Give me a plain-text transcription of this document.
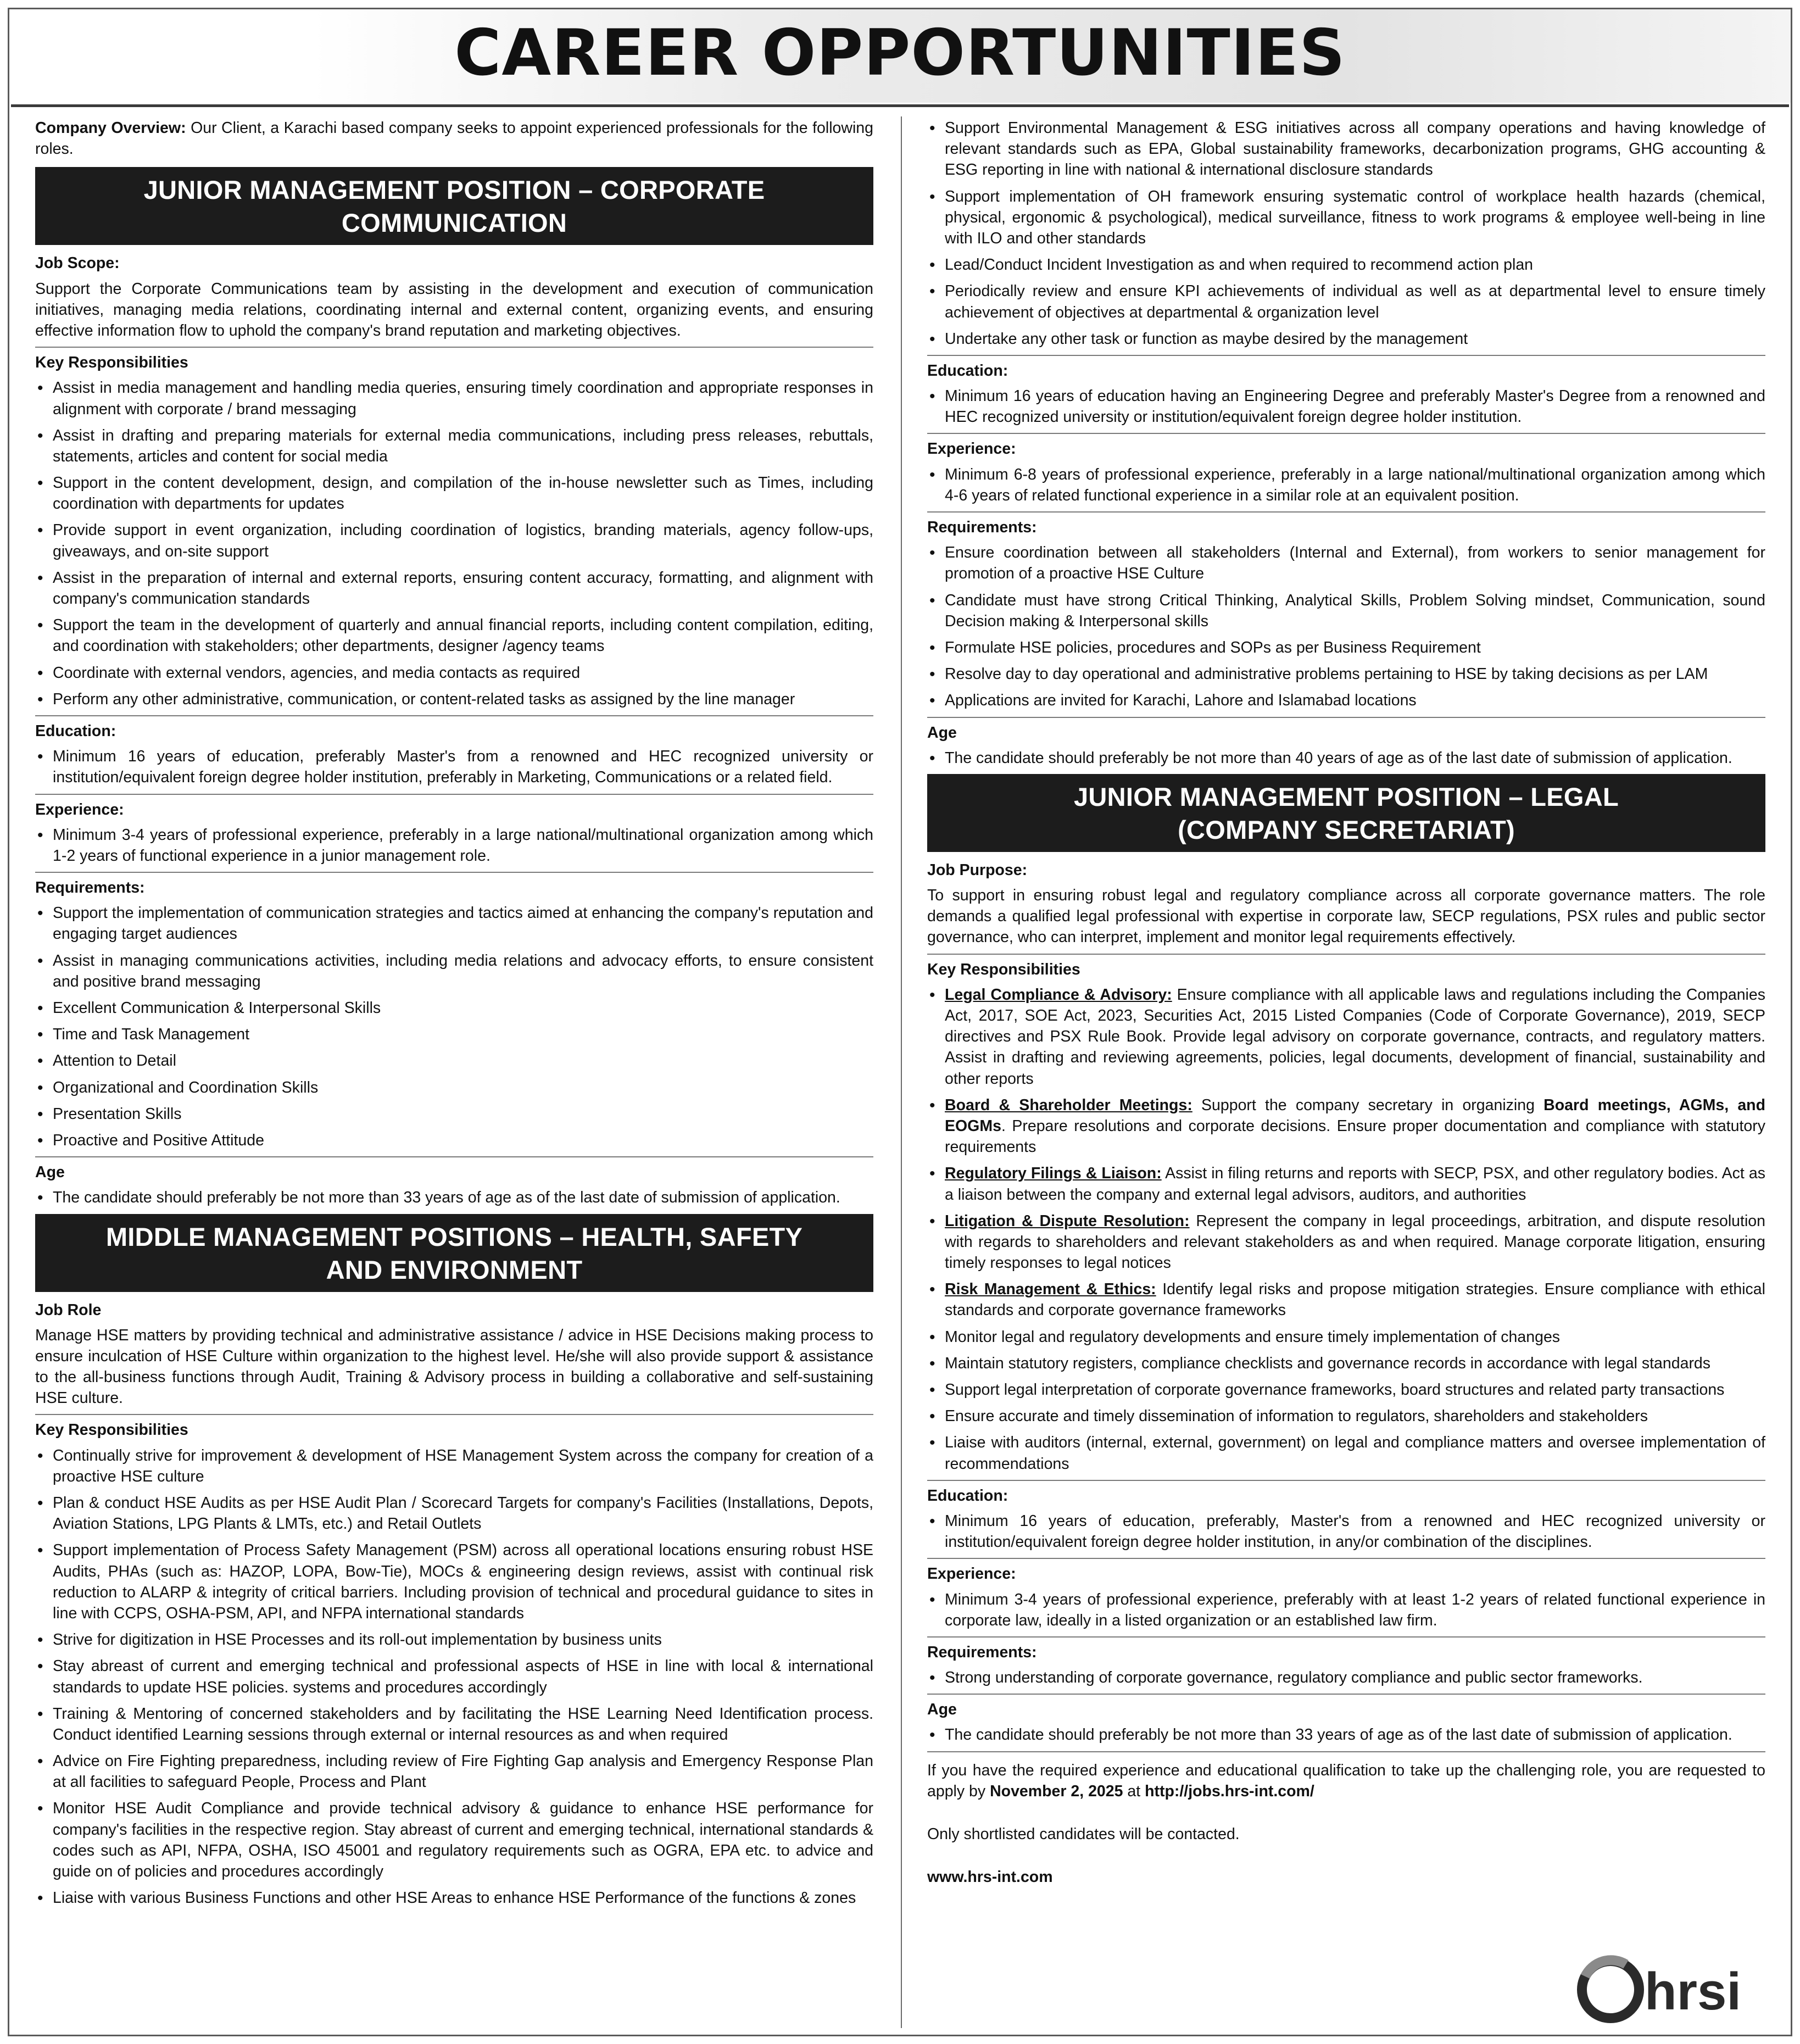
CAREER OPPORTUNITIES

Company Overview: Our Client, a Karachi based company seeks to appoint experienced professionals for the following roles.

JUNIOR MANAGEMENT POSITION – CORPORATE
COMMUNICATION
Job Scope:

Support the Corporate Communications team by assisting in the development and execution of communication initiatives, managing media relations, coordinating internal and external content, organizing events, and ensuring effective information flow to uphold the company's brand reputation and marketing objectives.

Key Responsibilities
• Assist in media management and handling media queries, ensuring timely coordination and appropriate responses in alignment with corporate / brand messaging
• Assist in drafting and preparing materials for external media communications, including press releases, rebuttals, statements, articles and content for social media
• Support in the content development, design, and compilation of the in-house newsletter such as Times, including coordination with departments for updates
• Provide support in event organization, including coordination of logistics, branding materials, agency follow-ups, giveaways, and on-site support
• Assist in the preparation of internal and external reports, ensuring content accuracy, formatting, and alignment with company's communication standards
• Support the team in the development of quarterly and annual financial reports, including content compilation, editing, and coordination with stakeholders; other departments, designer /agency teams
• Coordinate with external vendors, agencies, and media contacts as required
• Perform any other administrative, communication, or content-related tasks as assigned by the line manager
Education:
• Minimum 16 years of education, preferably Master's from a renowned and HEC recognized university or institution/equivalent foreign degree holder institution, preferably in Marketing, Communications or a related field.
Experience:
• Minimum 3-4 years of professional experience, preferably in a large national/multinational organization among which 1-2 years of functional experience in a junior management role.
Requirements:
• Support the implementation of communication strategies and tactics aimed at enhancing the company's reputation and engaging target audiences
• Assist in managing communications activities, including media relations and advocacy efforts, to ensure consistent and positive brand messaging
• Excellent Communication & Interpersonal Skills
• Time and Task Management
• Attention to Detail
• Organizational and Coordination Skills
• Presentation Skills
• Proactive and Positive Attitude
Age
• The candidate should preferably be not more than 33 years of age as of the last date of submission of application.
MIDDLE MANAGEMENT POSITIONS – HEALTH, SAFETY
AND ENVIRONMENT
Job Role

Manage HSE matters by providing technical and administrative assistance / advice in HSE Decisions making process to ensure inculcation of HSE Culture within organization to the highest level. He/she will also provide support & assistance to the all-business functions through Audit, Training & Advisory process in building a collaborative and self-sustaining HSE culture.

Key Responsibilities
• Continually strive for improvement & development of HSE Management System across the company for creation of a proactive HSE culture
• Plan & conduct HSE Audits as per HSE Audit Plan / Scorecard Targets for company's Facilities (Installations, Depots, Aviation Stations, LPG Plants & LMTs, etc.) and Retail Outlets
• Support implementation of Process Safety Management (PSM) across all operational locations ensuring robust HSE Audits, PHAs (such as: HAZOP, LOPA, Bow-Tie), MOCs & engineering design reviews, assist with continual risk reduction to ALARP & integrity of critical barriers. Including provision of technical and procedural guidance to sites in line with CCPS, OSHA-PSM, API, and NFPA international standards
• Strive for digitization in HSE Processes and its roll-out implementation by business units
• Stay abreast of current and emerging technical and professional aspects of HSE in line with local & international standards to update HSE policies. systems and procedures accordingly
• Training & Mentoring of concerned stakeholders and by facilitating the HSE Learning Need Identification process. Conduct identified Learning sessions through external or internal resources as and when required
• Advice on Fire Fighting preparedness, including review of Fire Fighting Gap analysis and Emergency Response Plan at all facilities to safeguard People, Process and Plant
• Monitor HSE Audit Compliance and provide technical advisory & guidance to enhance HSE performance for company's facilities in the respective region. Stay abreast of current and emerging technical, international standards & codes such as API, NFPA, OSHA, ISO 45001 and regulatory requirements such as OGRA, EPA etc. to advice and guide on of policies and procedures accordingly
• Liaise with various Business Functions and other HSE Areas to enhance HSE Performance of the functions & zones
• Support Environmental Management & ESG initiatives across all company operations and having knowledge of relevant standards such as EPA, Global sustainability frameworks, decarbonization programs, GHG accounting & ESG reporting in line with national & international disclosure standards
• Support implementation of OH framework ensuring systematic control of workplace health hazards (chemical, physical, ergonomic & psychological), medical surveillance, fitness to work programs & employee well-being in line with ILO and other standards
• Lead/Conduct Incident Investigation as and when required to recommend action plan
• Periodically review and ensure KPI achievements of individual as well as at departmental level to ensure timely achievement of objectives at departmental & organization level
• Undertake any other task or function as maybe desired by the management
Education:
• Minimum 16 years of education having an Engineering Degree and preferably Master's Degree from a renowned and HEC recognized university or institution/equivalent foreign degree holder institution.
Experience:
• Minimum 6-8 years of professional experience, preferably in a large national/multinational organization among which 4-6 years of related functional experience in a similar role at an equivalent position.
Requirements:
• Ensure coordination between all stakeholders (Internal and External), from workers to senior management for promotion of a proactive HSE Culture
• Candidate must have strong Critical Thinking, Analytical Skills, Problem Solving mindset, Communication, sound Decision making & Interpersonal skills
• Formulate HSE policies, procedures and SOPs as per Business Requirement
• Resolve day to day operational and administrative problems pertaining to HSE by taking decisions as per LAM
• Applications are invited for Karachi, Lahore and Islamabad locations
Age
• The candidate should preferably be not more than 40 years of age as of the last date of submission of application.
JUNIOR MANAGEMENT POSITION – LEGAL
(COMPANY SECRETARIAT)
Job Purpose:

To support in ensuring robust legal and regulatory compliance across all corporate governance matters. The role demands a qualified legal professional with expertise in corporate law, SECP regulations, PSX rules and public sector governance, who can interpret, implement and monitor legal requirements effectively.

Key Responsibilities
• Legal Compliance & Advisory: Ensure compliance with all applicable laws and regulations including the Companies Act, 2017, SOE Act, 2023, Securities Act, 2015 Listed Companies (Code of Corporate Governance), 2019, SECP directives and PSX Rule Book. Provide legal advisory on corporate governance, contracts, and regulatory matters. Assist in drafting and reviewing agreements, policies, legal documents, development of financial, sustainability and other reports
• Board & Shareholder Meetings: Support the company secretary in organizing Board meetings, AGMs, and EOGMs. Prepare resolutions and corporate decisions. Ensure proper documentation and compliance with statutory requirements
• Regulatory Filings & Liaison: Assist in filing returns and reports with SECP, PSX, and other regulatory bodies. Act as a liaison between the company and external legal advisors, auditors, and authorities
• Litigation & Dispute Resolution: Represent the company in legal proceedings, arbitration, and dispute resolution with regards to shareholders and relevant stakeholders as and when required. Manage corporate litigation, ensuring timely responses to legal notices
• Risk Management & Ethics: Identify legal risks and propose mitigation strategies. Ensure compliance with ethical standards and corporate governance frameworks
• Monitor legal and regulatory developments and ensure timely implementation of changes
• Maintain statutory registers, compliance checklists and governance records in accordance with legal standards
• Support legal interpretation of corporate governance frameworks, board structures and related party transactions
• Ensure accurate and timely dissemination of information to regulators, shareholders and stakeholders
• Liaise with auditors (internal, external, government) on legal and compliance matters and oversee implementation of recommendations
Education:
• Minimum 16 years of education, preferably, Master's from a renowned and HEC recognized university or institution/equivalent foreign degree holder institution, in any/or combination of the disciplines.
Experience:
• Minimum 3-4 years of professional experience, preferably with at least 1-2 years of related functional experience in corporate law, ideally in a listed organization or an established law firm.
Requirements:
• Strong understanding of corporate governance, regulatory compliance and public sector frameworks.
Age
• The candidate should preferably be not more than 33 years of age as of the last date of submission of application.

If you have the required experience and educational qualification to take up the challenging role, you are requested to apply by November 2, 2025 at http://jobs.hrs-int.com/

Only shortlisted candidates will be contacted.

www.hrs-int.com

hrsi
